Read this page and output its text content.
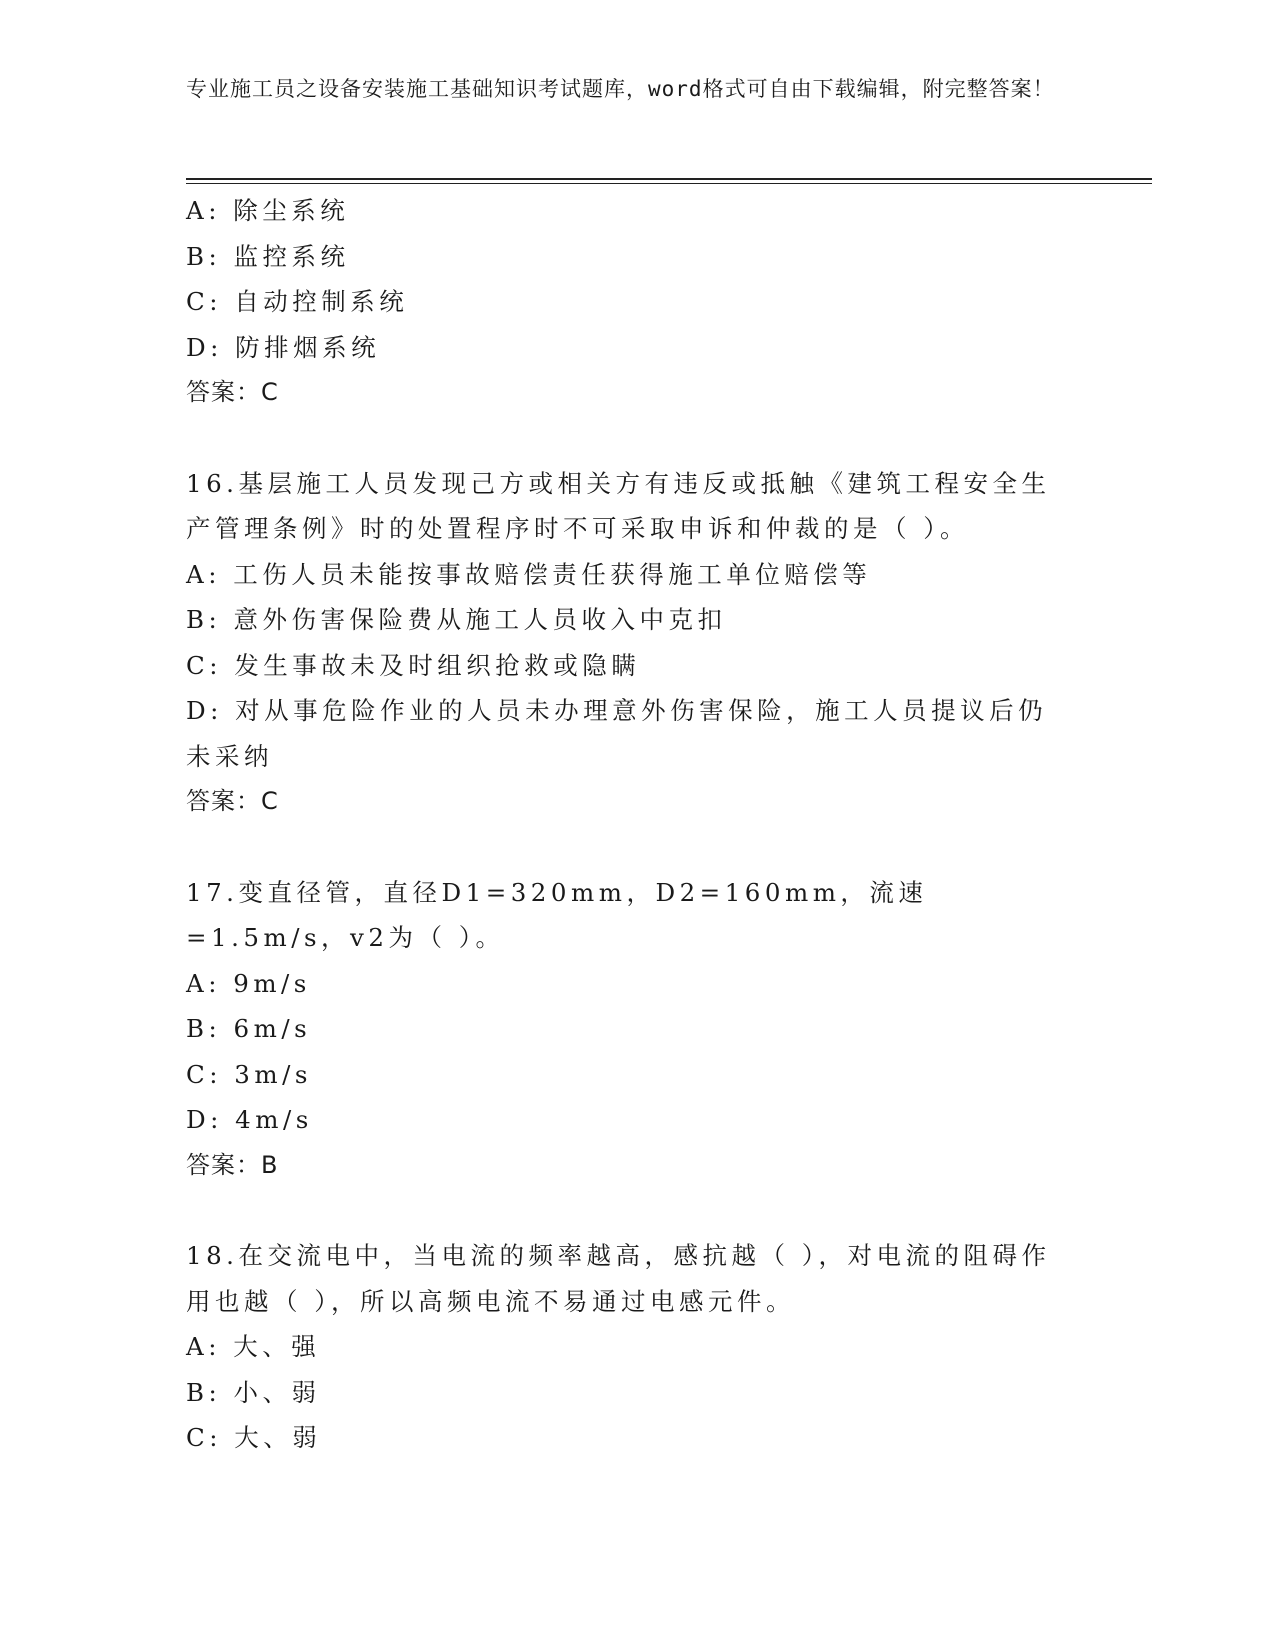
专业施工员之设备安装施工基础知识考试题库，word格式可自由下载编辑，附完整答案！
A: 除尘系统
B: 监控系统
C: 自动控制系统
D: 防排烟系统
答案：C
16.基层施工人员发现己方或相关方有违反或抵触《建筑工程安全生产管理条例》时的处置程序时不可采取申诉和仲裁的是（ ）。
A: 工伤人员未能按事故赔偿责任获得施工单位赔偿等
B: 意外伤害保险费从施工人员收入中克扣
C: 发生事故未及时组织抢救或隐瞒
D: 对从事危险作业的人员未办理意外伤害保险，施工人员提议后仍未采纳
答案：C
17.变直径管，直径D1=320mm，D2=160mm，流速=1.5m/s，v2为（ ）。
A: 9m/s
B: 6m/s
C: 3m/s
D: 4m/s
答案：B
18.在交流电中，当电流的频率越高，感抗越（ ），对电流的阻碍作用也越（ ），所以高频电流不易通过电感元件。
A: 大、强
B: 小、弱
C: 大、弱
